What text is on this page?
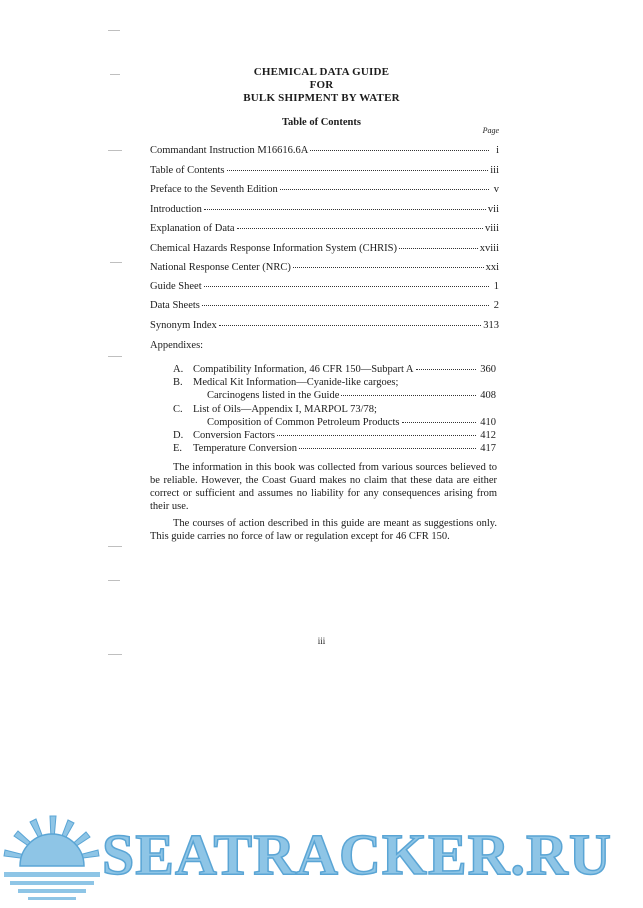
CHEMICAL DATA GUIDE
FOR
BULK SHIPMENT BY WATER
Table of Contents
Page
Commandant Instruction M16616.6A	i
Table of Contents	iii
Preface to the Seventh Edition	v
Introduction	vii
Explanation of Data	viii
Chemical Hazards Response Information System (CHRIS)	xviii
National Response Center (NRC)	xxi
Guide Sheet	1
Data Sheets	2
Synonym Index	313
Appendixes:
A. Compatibility Information, 46 CFR 150—Subpart A	360
B. Medical Kit Information—Cyanide-like cargoes;
Carcinogens listed in the Guide	408
C. List of Oils—Appendix I, MARPOL 73/78;
Composition of Common Petroleum Products	410
D. Conversion Factors	412
E.	Temperature Conversion	417

The information in this book was collected from various sources believed to be reliable. However, the Coast Guard makes no claim that these data are either correct or sufficient and assumes no liability for any consequences arising from their use.

The courses of action described in this guide are meant as suggestions only. This guide carries no force of law or regulation except for 46 CFR 150.

iii
SEATRACKER.RU
